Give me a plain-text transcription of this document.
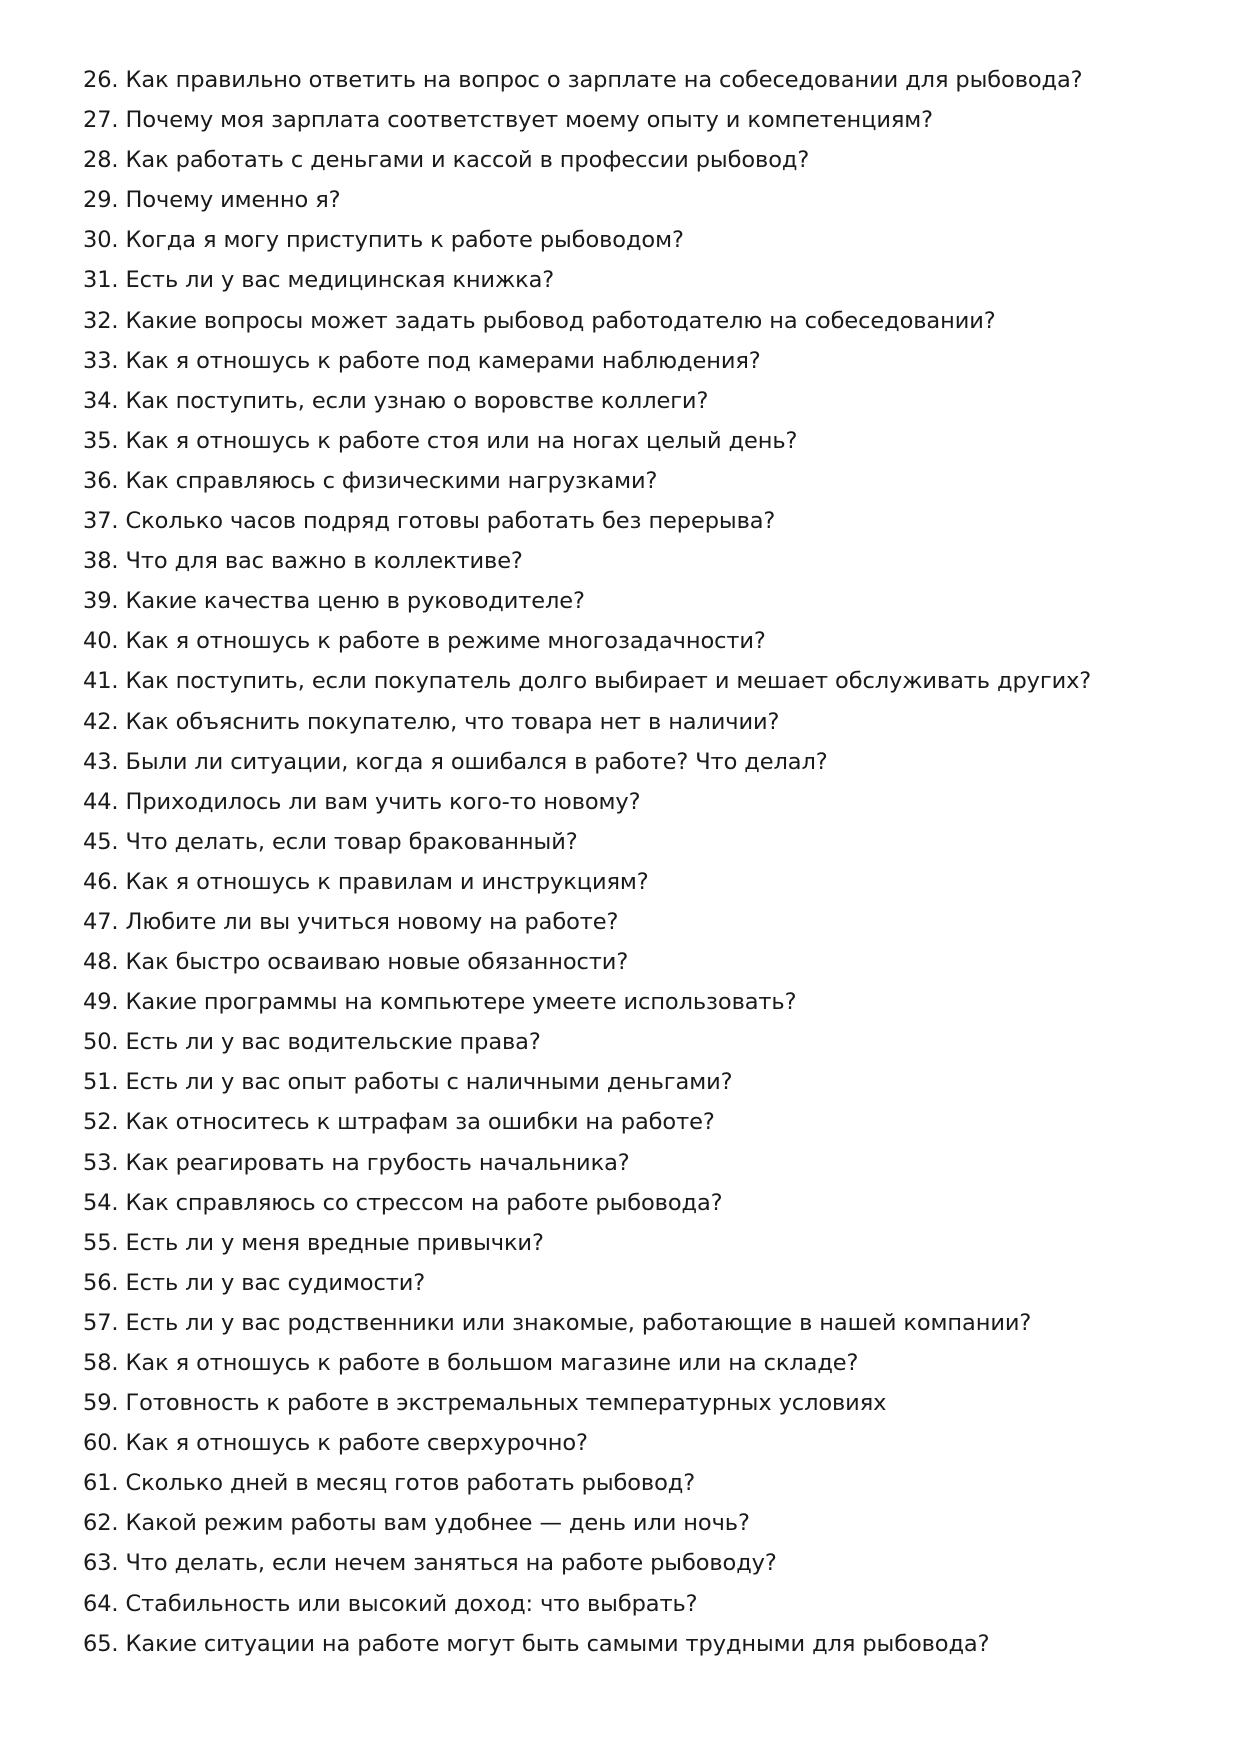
26. Как правильно ответить на вопрос о зарплате на собеседовании для рыбовода?
27. Почему моя зарплата соответствует моему опыту и компетенциям?
28. Как работать с деньгами и кассой в профессии рыбовод?
29. Почему именно я?
30. Когда я могу приступить к работе рыбоводом?
31. Есть ли у вас медицинская книжка?
32. Какие вопросы может задать рыбовод работодателю на собеседовании?
33. Как я отношусь к работе под камерами наблюдения?
34. Как поступить, если узнаю о воровстве коллеги?
35. Как я отношусь к работе стоя или на ногах целый день?
36. Как справляюсь с физическими нагрузками?
37. Сколько часов подряд готовы работать без перерыва?
38. Что для вас важно в коллективе?
39. Какие качества ценю в руководителе?
40. Как я отношусь к работе в режиме многозадачности?
41. Как поступить, если покупатель долго выбирает и мешает обслуживать других?
42. Как объяснить покупателю, что товара нет в наличии?
43. Были ли ситуации, когда я ошибался в работе? Что делал?
44. Приходилось ли вам учить кого-то новому?
45. Что делать, если товар бракованный?
46. Как я отношусь к правилам и инструкциям?
47. Любите ли вы учиться новому на работе?
48. Как быстро осваиваю новые обязанности?
49. Какие программы на компьютере умеете использовать?
50. Есть ли у вас водительские права?
51. Есть ли у вас опыт работы с наличными деньгами?
52. Как относитесь к штрафам за ошибки на работе?
53. Как реагировать на грубость начальника?
54. Как справляюсь со стрессом на работе рыбовода?
55. Есть ли у меня вредные привычки?
56. Есть ли у вас судимости?
57. Есть ли у вас родственники или знакомые, работающие в нашей компании?
58. Как я отношусь к работе в большом магазине или на складе?
59. Готовность к работе в экстремальных температурных условиях
60. Как я отношусь к работе сверхурочно?
61. Сколько дней в месяц готов работать рыбовод?
62. Какой режим работы вам удобнее — день или ночь?
63. Что делать, если нечем заняться на работе рыбоводу?
64. Стабильность или высокий доход: что выбрать?
65. Какие ситуации на работе могут быть самыми трудными для рыбовода?
